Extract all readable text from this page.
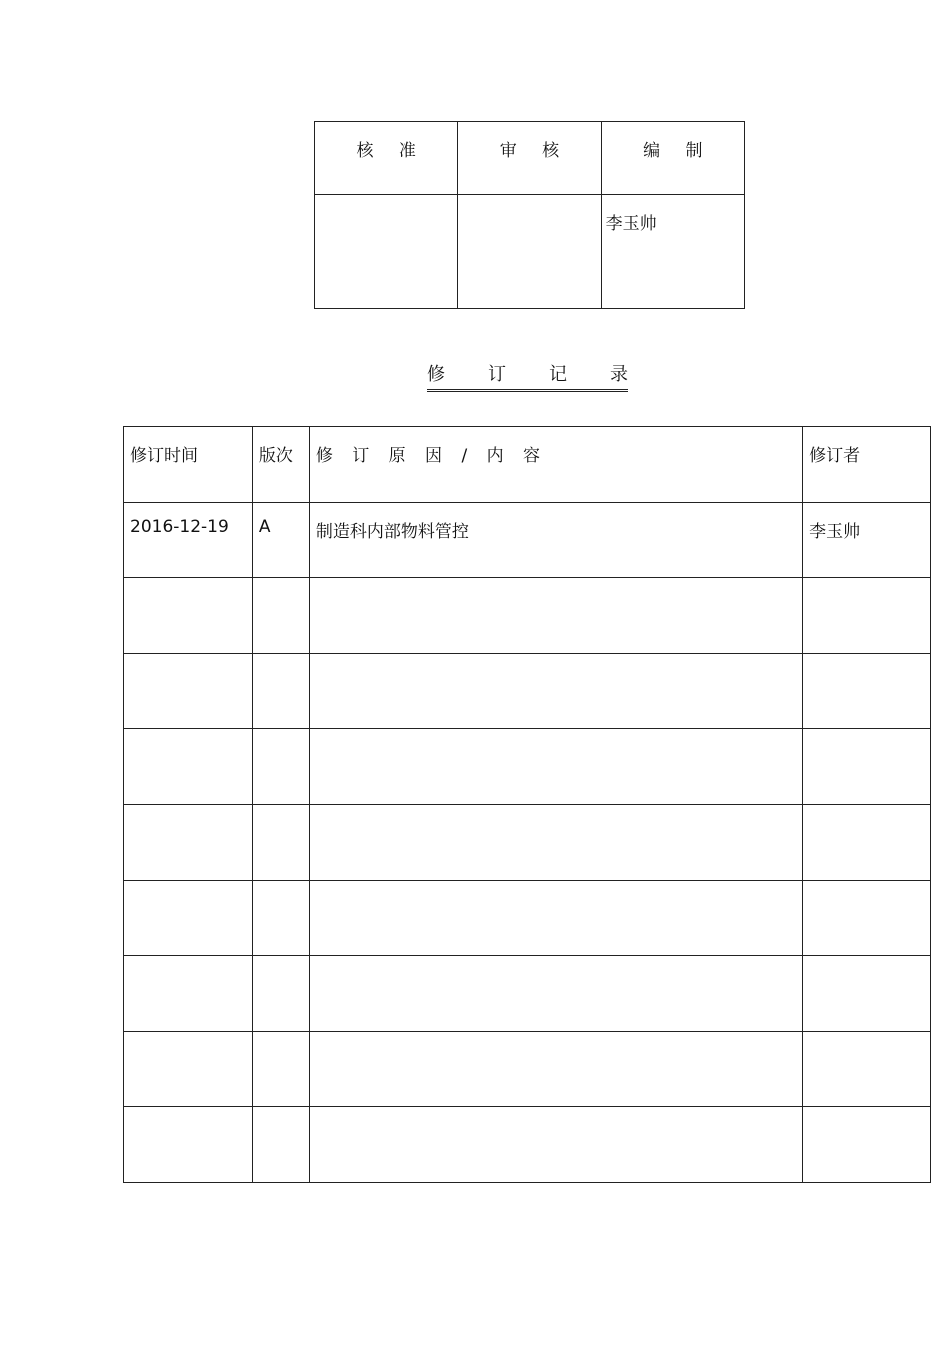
核 准	审 核	编 制
		李玉帅
修 订 记 录
修订时间	版次	修 订 原 因 / 内 容	修订者
2016-12-19	A	制造科内部物料管控	李玉帅
